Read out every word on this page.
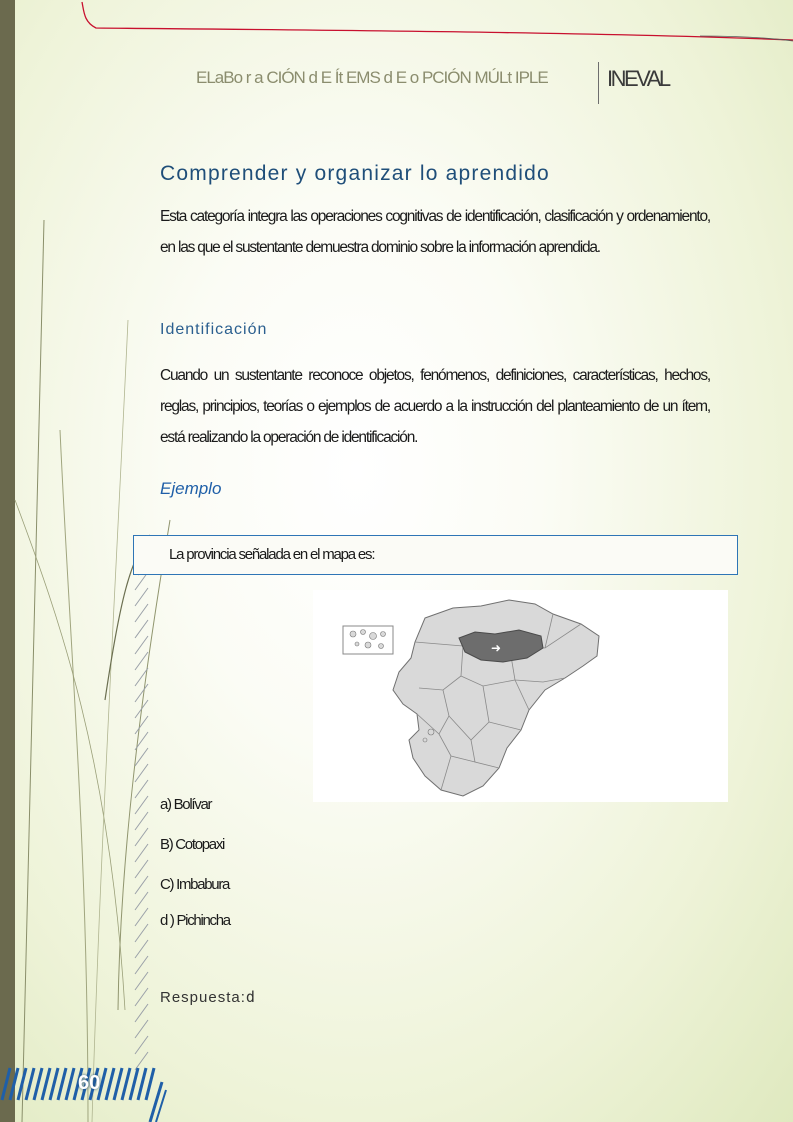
ELaBo r a CIÓN d E Ít EMS d E o PCIÓN MÚLt IPLE	INEVAL
Comprender y organizar lo aprendido
Esta categoría integra las operaciones cognitivas de identificación, clasificación y ordenamiento, en las que el sustentante demuestra dominio sobre la información aprendida.
Identificación
Cuando un sustentante reconoce objetos, fenómenos, definiciones, características, hechos, reglas, principios, teorías o ejemplos de acuerdo a la instrucción del planteamiento de un ítem, está realizando la operación de identificación.
Ejemplo
La provincia señalada en el mapa es:
➜
a) Bolívar
B) Cotopaxi
C) Imbabura
d ) Pichincha
Respuesta:d
60
